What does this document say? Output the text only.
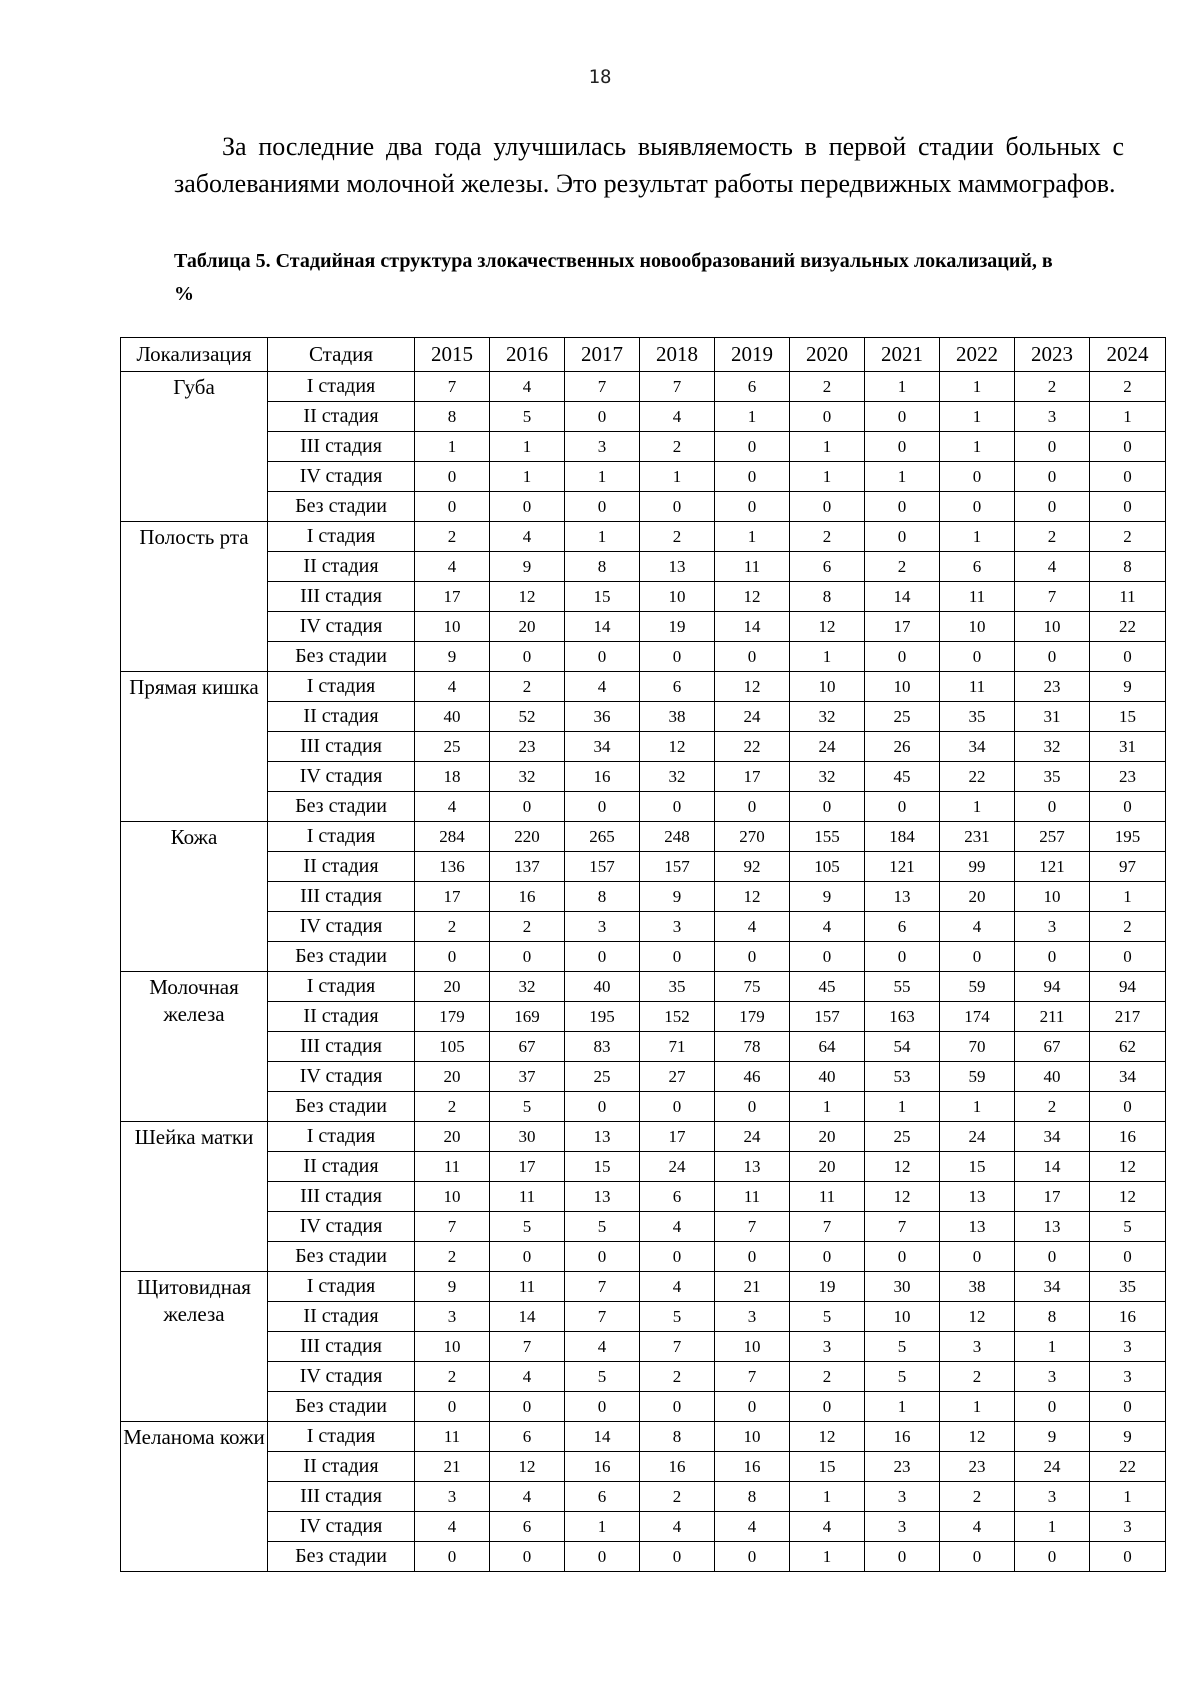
18
За последние два года улучшилась выявляемость в первой стадии больных с заболеваниями молочной железы. Это результат работы передвижных маммографов.
Таблица 5. Стадийная структура злокачественных новообразований визуальных локализаций, в %
Локализация	Стадия	2015	2016	2017	2018	2019	2020	2021	2022	2023	2024
Губа	I стадия	7	4	7	7	6	2	1	1	2	2
	II стадия	8	5	0	4	1	0	0	1	3	1
	III стадия	1	1	3	2	0	1	0	1	0	0
	IV стадия	0	1	1	1	0	1	1	0	0	0
	Без стадии	0	0	0	0	0	0	0	0	0	0
Полость рта	I стадия	2	4	1	2	1	2	0	1	2	2
	II стадия	4	9	8	13	11	6	2	6	4	8
	III стадия	17	12	15	10	12	8	14	11	7	11
	IV стадия	10	20	14	19	14	12	17	10	10	22
	Без стадии	9	0	0	0	0	1	0	0	0	0
Прямая кишка	I стадия	4	2	4	6	12	10	10	11	23	9
	II стадия	40	52	36	38	24	32	25	35	31	15
	III стадия	25	23	34	12	22	24	26	34	32	31
	IV стадия	18	32	16	32	17	32	45	22	35	23
	Без стадии	4	0	0	0	0	0	0	1	0	0
Кожа	I стадия	284	220	265	248	270	155	184	231	257	195
	II стадия	136	137	157	157	92	105	121	99	121	97
	III стадия	17	16	8	9	12	9	13	20	10	1
	IV стадия	2	2	3	3	4	4	6	4	3	2
	Без стадии	0	0	0	0	0	0	0	0	0	0
Молочная железа	I стадия	20	32	40	35	75	45	55	59	94	94
	II стадия	179	169	195	152	179	157	163	174	211	217
	III стадия	105	67	83	71	78	64	54	70	67	62
	IV стадия	20	37	25	27	46	40	53	59	40	34
	Без стадии	2	5	0	0	0	1	1	1	2	0
Шейка матки	I стадия	20	30	13	17	24	20	25	24	34	16
	II стадия	11	17	15	24	13	20	12	15	14	12
	III стадия	10	11	13	6	11	11	12	13	17	12
	IV стадия	7	5	5	4	7	7	7	13	13	5
	Без стадии	2	0	0	0	0	0	0	0	0	0
Щитовидная железа	I стадия	9	11	7	4	21	19	30	38	34	35
	II стадия	3	14	7	5	3	5	10	12	8	16
	III стадия	10	7	4	7	10	3	5	3	1	3
	IV стадия	2	4	5	2	7	2	5	2	3	3
	Без стадии	0	0	0	0	0	0	1	1	0	0
Меланома кожи	I стадия	11	6	14	8	10	12	16	12	9	9
	II стадия	21	12	16	16	16	15	23	23	24	22
	III стадия	3	4	6	2	8	1	3	2	3	1
	IV стадия	4	6	1	4	4	4	3	4	1	3
	Без стадии	0	0	0	0	0	1	0	0	0	0
